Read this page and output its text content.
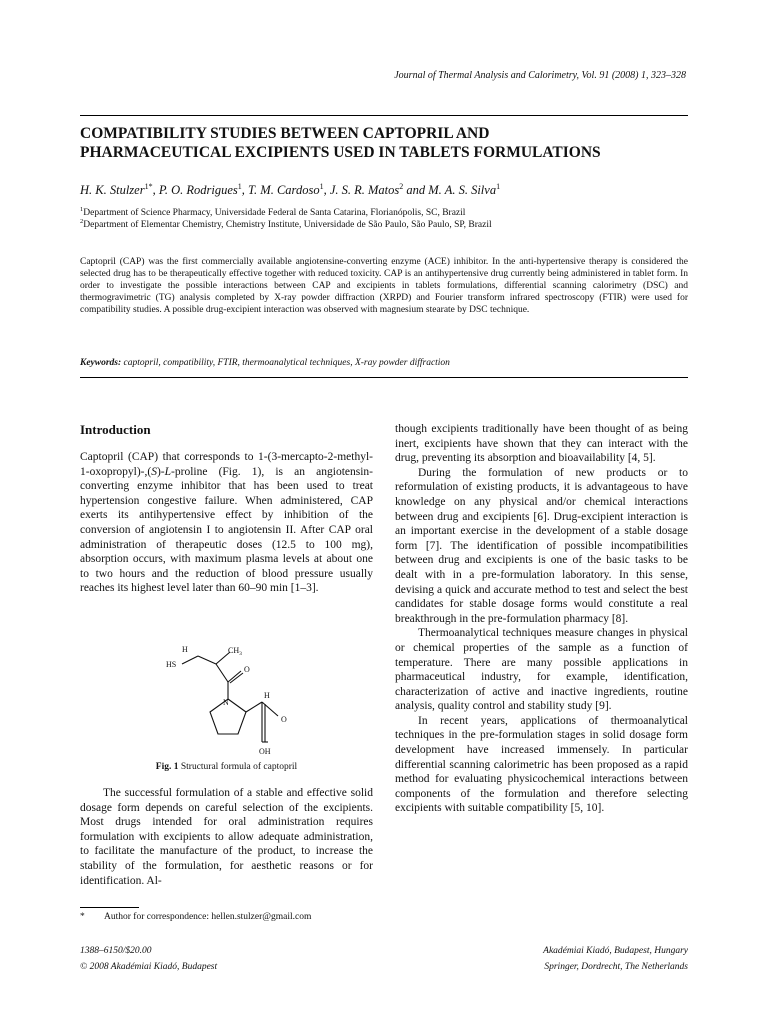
Journal of Thermal Analysis and Calorimetry, Vol. 91 (2008) 1, 323–328
COMPATIBILITY STUDIES BETWEEN CAPTOPRIL AND
PHARMACEUTICAL EXCIPIENTS USED IN TABLETS FORMULATIONS
H. K. Stulzer$^{1*}$, P. O. Rodrigues$^1$, T. M. Cardoso$^1$, J. S. R. Matos$^2$ and M. A. S. Silva$^1$
$^1$Department of Science Pharmacy, Universidade Federal de Santa Catarina, Florianópolis, SC, Brazil
$^2$Department of Elementar Chemistry, Chemistry Institute, Universidade de São Paulo, São Paulo, SP, Brazil
Captopril (CAP) was the first commercially available angiotensine-converting enzyme (ACE) inhibitor. In the anti-hypertensive therapy is considered the selected drug has to be therapeutically effective together with reduced toxicity. CAP is an antihypertensive drug currently being administered in tablet form. In order to investigate the possible interactions between CAP and excipients in tablets formulations, differential scanning calorimetry (DSC) and thermogravimetric (TG) analysis completed by X-ray powder diffraction (XRPD) and Fourier transform infrared spectroscopy (FTIR) were used for compatibility studies. A possible drug-excipient interaction was observed with magnesium stearate by DSC technique.
Keywords: captopril, compatibility, FTIR, thermoanalytical techniques, X-ray powder diffraction
Introduction

Captopril (CAP) that corresponds to 1-(3-mercapto-2-methyl-1-oxopropyl)-,(S)-L-proline (Fig. 1), is an angiotensin-converting enzyme inhibitor that has been used to treat hypertension congestive failure. When administered, CAP exerts its antihypertensive effect by inhibition of the conversion of angiotensin I to angiotensin II. After CAP oral administration of therapeutic doses (12.5 to 100 mg), absorption occurs, with maximum plasma levels at about one to two hours and the reduction of blood pressure usually reaches its highest level later than 60–90 min [1–3].

HS
H	$CH_3$
O
N
H
O
OH
Fig. 1 Structural formula of captopril

The successful formulation of a stable and effective solid dosage form depends on careful selection of the excipients. Most drugs intended for oral administration requires formulation with excipients to allow adequate administration, to facilitate the manufacture of the product, to increase the stability of the formulation, for aesthetic reasons or for identification. Al-

though excipients traditionally have been thought of as being inert, excipients have shown that they can interact with the drug, preventing its absorption and bioavailability [4, 5].

During the formulation of new products or to reformulation of existing products, it is advantageous to have knowledge on any physical and/or chemical interactions between drug and excipients [6]. Drug-excipient interaction is an important exercise in the development of a stable dosage form [7]. The identification of possible incompatibilities between drug and excipients is one of the basic tasks to be dealt with in a pre-formulation laboratory. In this sense, devising a quick and accurate method to test and select the best candidates for stable dosage forms would constitute a real breakthrough in the pre-formulation pharmacy [8].

Thermoanalytical techniques measure changes in physical or chemical properties of the sample as a function of temperature. There are many possible applications in pharmaceutical industry, for example, identification, characterization of active and inactive ingredients, routine analysis, quality control and stability study [9].

In recent years, applications of thermoanalytical techniques in the pre-formulation stages in solid dosage form development have increased immensely. In particular differential scanning calorimetric has been proposed as a rapid method for evaluating physicochemical interactions between components of the formulation and therefore selecting excipients with suitable compatibility [5, 10].

* Author for correspondence: hellen.stulzer@gmail.com
1388–6150/$20.00
© 2008 Akadémiai Kiadó, Budapest
Akadémiai Kiadó, Budapest, Hungary
Springer, Dordrecht, The Netherlands
